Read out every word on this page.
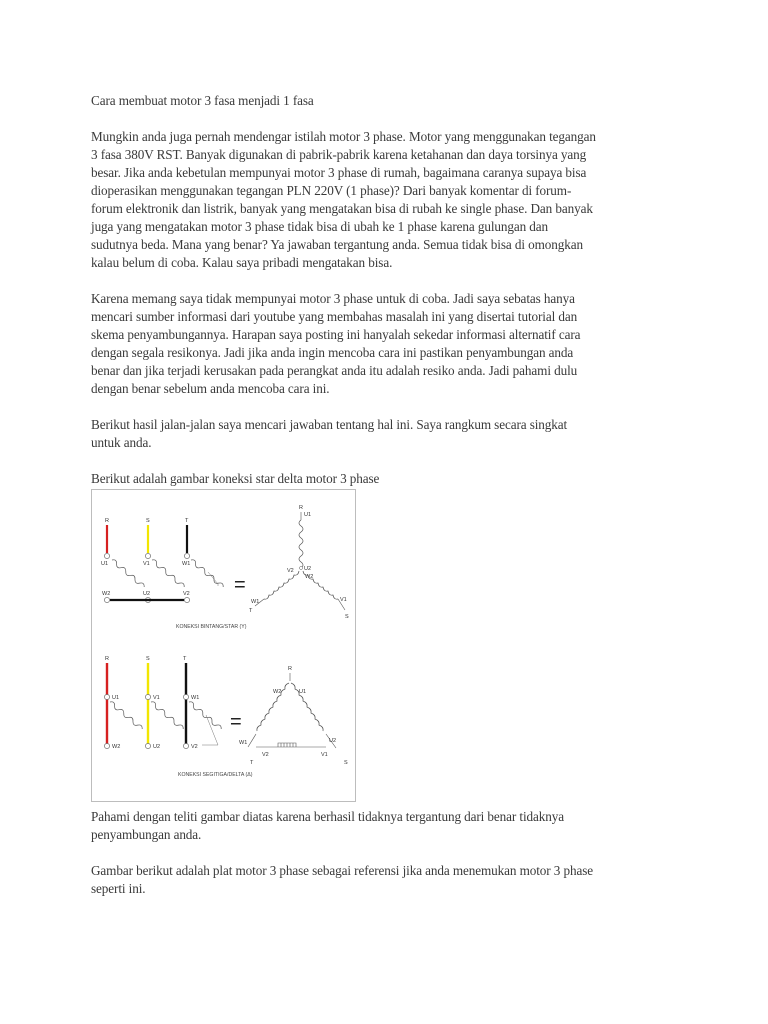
Cara membuat motor 3 fasa menjadi 1 fasa

Mungkin anda juga pernah mendengar istilah motor 3 phase. Motor yang menggunakan tegangan
3 fasa 380V RST. Banyak digunakan di pabrik-pabrik karena ketahanan dan daya torsinya yang
besar. Jika anda kebetulan mempunyai motor 3 phase di rumah, bagaimana caranya supaya bisa
dioperasikan menggunakan tegangan PLN 220V (1 phase)? Dari banyak komentar di forum-
forum elektronik dan listrik, banyak yang mengatakan bisa di rubah ke single phase. Dan banyak
juga yang mengatakan motor 3 phase tidak bisa di ubah ke 1 phase karena gulungan dan
sudutnya beda. Mana yang benar? Ya jawaban tergantung anda. Semua tidak bisa di omongkan
kalau belum di coba. Kalau saya pribadi mengatakan bisa.

Karena memang saya tidak mempunyai motor 3 phase untuk di coba. Jadi saya sebatas hanya
mencari sumber informasi dari youtube yang membahas masalah ini yang disertai tutorial dan
skema penyambungannya. Harapan saya posting ini hanyalah sekedar informasi alternatif cara
dengan segala resikonya. Jadi jika anda ingin mencoba cara ini pastikan penyambungan anda
benar dan jika terjadi kerusakan pada perangkat anda itu adalah resiko anda. Jadi pahami dulu
dengan benar sebelum anda mencoba cara ini.

Berikut hasil jalan-jalan saya mencari jawaban tentang hal ini. Saya rangkum secara singkat
untuk anda.

Berikut adalah gambar koneksi star delta motor 3 phase

R	S	T
U1	V1	W1
W2	U2	V2 =
R
U1
U2
V2
W2
W1	V1
T
S
KONEKSI BINTANG/STAR (Y)
R	S	T
U1	V1	W1
W2	U2	V2
=
R
W2	U1
W1	U2
V2	V1
T	S
KONEKSI SEGITIGA/DELTA (Δ)

Pahami dengan teliti gambar diatas karena berhasil tidaknya tergantung dari benar tidaknya
penyambungan anda.

Gambar berikut adalah plat motor 3 phase sebagai referensi jika anda menemukan motor 3 phase
seperti ini.
